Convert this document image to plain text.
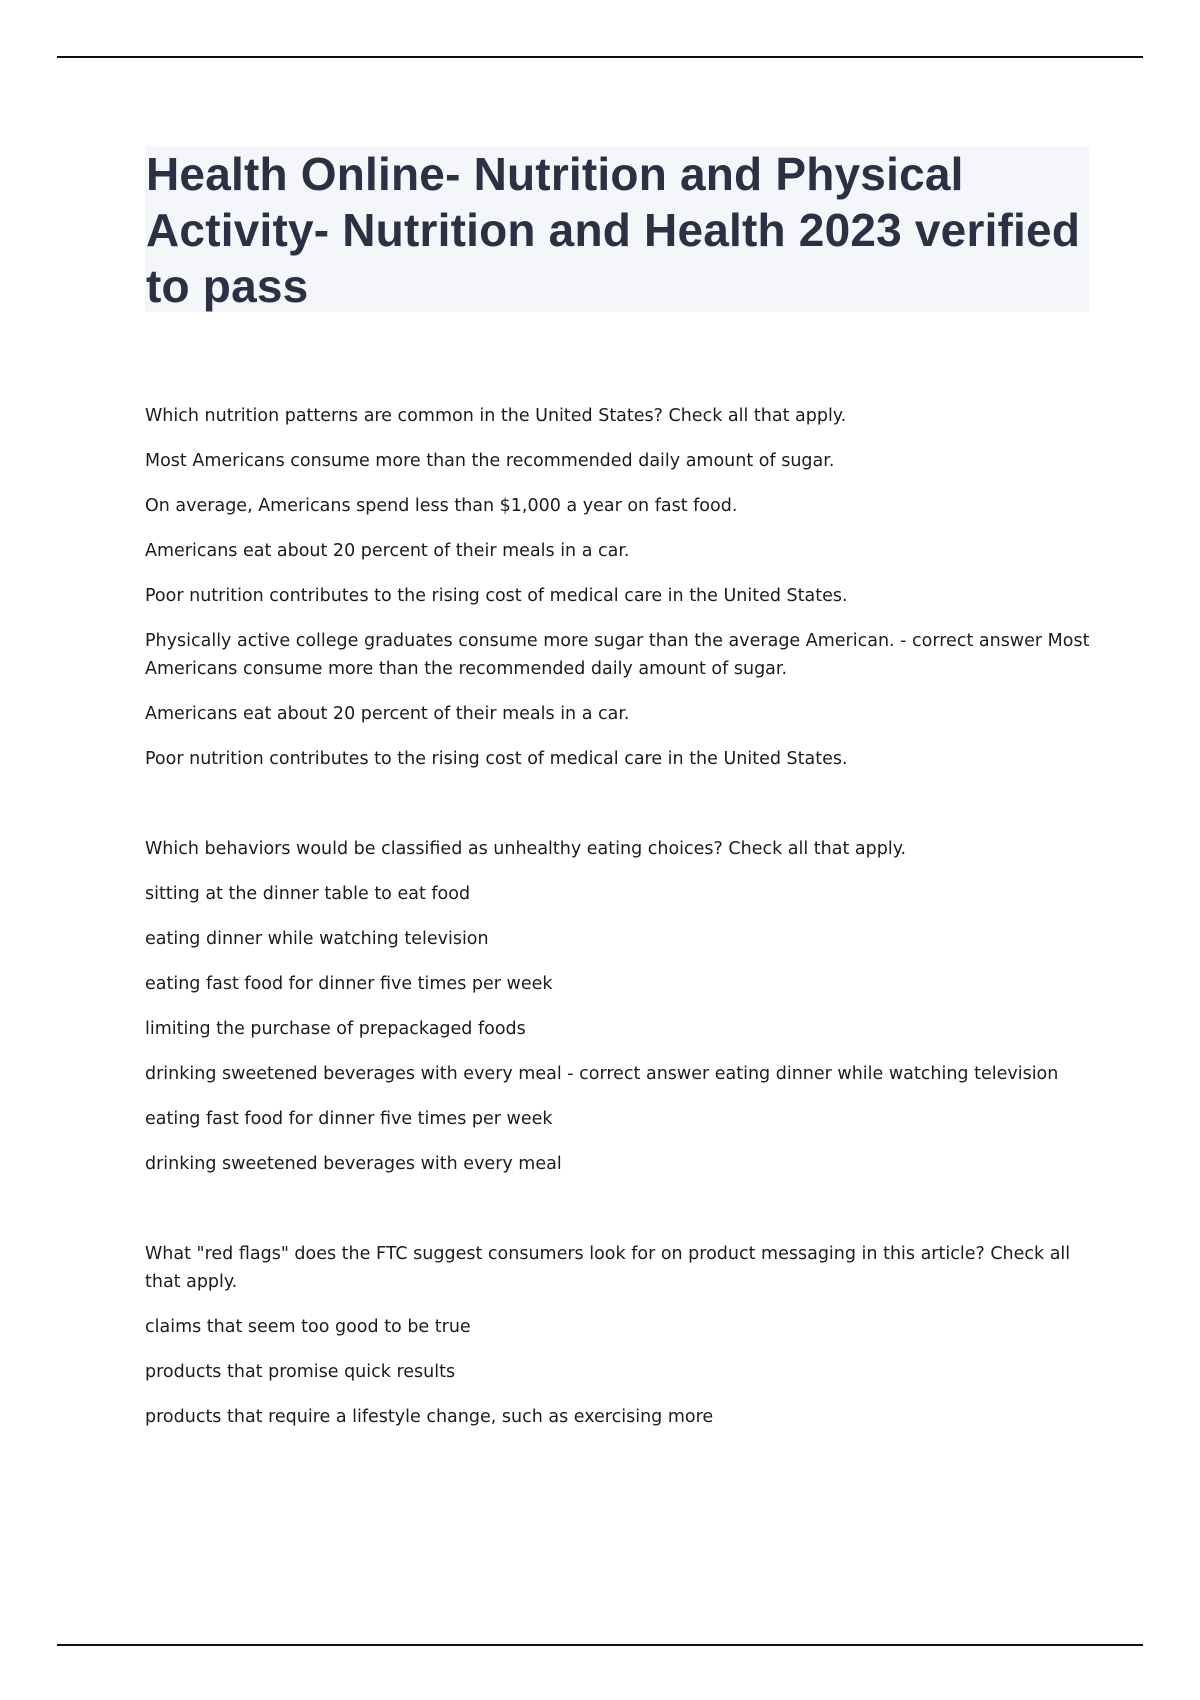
Health Online- Nutrition and Physical Activity- Nutrition and Health 2023 verified to pass

Which nutrition patterns are common in the United States? Check all that apply.

Most Americans consume more than the recommended daily amount of sugar.

On average, Americans spend less than $1,000 a year on fast food.

Americans eat about 20 percent of their meals in a car.

Poor nutrition contributes to the rising cost of medical care in the United States.

Physically active college graduates consume more sugar than the average American. - correct answer Most Americans consume more than the recommended daily amount of sugar.

Americans eat about 20 percent of their meals in a car.

Poor nutrition contributes to the rising cost of medical care in the United States.

Which behaviors would be classified as unhealthy eating choices? Check all that apply.

sitting at the dinner table to eat food

eating dinner while watching television

eating fast food for dinner five times per week

limiting the purchase of prepackaged foods

drinking sweetened beverages with every meal - correct answer eating dinner while watching television

eating fast food for dinner five times per week

drinking sweetened beverages with every meal

What "red flags" does the FTC suggest consumers look for on product messaging in this article? Check all that apply.

claims that seem too good to be true

products that promise quick results

products that require a lifestyle change, such as exercising more
